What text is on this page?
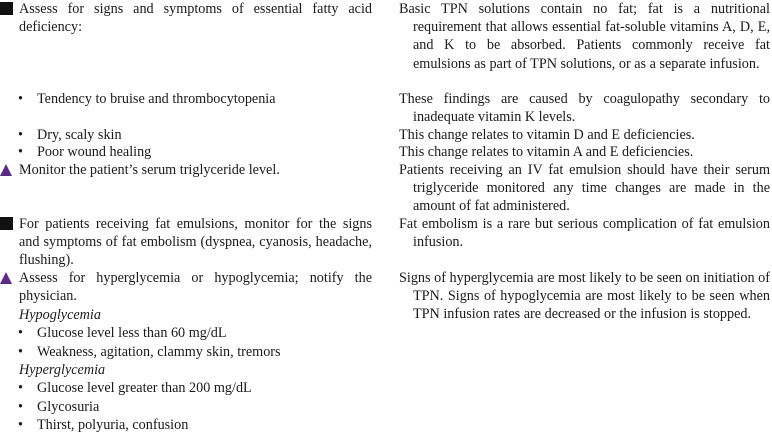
Assess for signs and symptoms of essential fatty acid deficiency:
• Tendency to bruise and thrombocytopenia
• Dry, scaly skin
• Poor wound healing
Monitor the patient’s serum triglyceride level.
For patients receiving fat emulsions, monitor for the signs and symptoms of fat embolism (dyspnea, cyanosis, headache, flushing).
Assess for hyperglycemia or hypoglycemia; notify the physician.
Hypoglycemia
• Glucose level less than 60 mg/dL
• Weakness, agitation, clammy skin, tremors
Hyperglycemia
• Glucose level greater than 200 mg/dL
• Glycosuria
• Thirst, polyuria, confusion
Basic TPN solutions contain no fat; fat is a nutritional requirement that allows essential fat-soluble vitamins A, D, E, and K to be absorbed. Patients commonly receive fat emulsions as part of TPN solutions, or as a separate infusion.
These findings are caused by coagulopathy secondary to inadequate vitamin K levels.
This change relates to vitamin D and E deficiencies.
This change relates to vitamin A and E deficiencies.
Patients receiving an IV fat emulsion should have their serum triglyceride monitored any time changes are made in the amount of fat administered.
Fat embolism is a rare but serious complication of fat emulsion infusion.
Signs of hyperglycemia are most likely to be seen on initiation of TPN. Signs of hypoglycemia are most likely to be seen when TPN infusion rates are decreased or the infusion is stopped.
